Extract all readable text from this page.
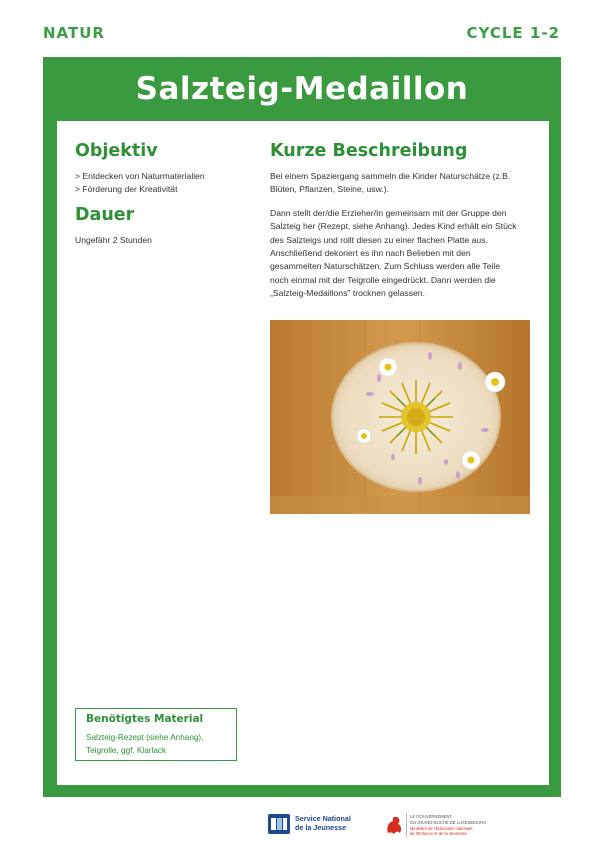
NATUR	CYCLE 1-2
Salzteig-Medaillon
Objektiv
> Entdecken von Naturmaterialien
> Förderung der Kreativität
Dauer
Ungefähr 2 Stunden
Kurze Beschreibung

Bei einem Spaziergang sammeln die Kinder Naturschätze (z.B. Blüten, Pflanzen, Steine, usw.).

Dann stellt der/die Erzieher/In gemeinsam mit der Gruppe den Salzteig her (Rezept, siehe Anhang). Jedes Kind erhält ein Stück des Salzteigs und rollt diesen zu einer flachen Platte aus. Anschließend dekoriert es ihn nach Belieben mit den gesammelten Naturschätzen. Zum Schluss werden alle Teile noch einmal mit der Teigrolle eingedrückt. Dann werden die „Salzteig-Medaillons" trocknen gelassen.

Benötigtes Material
Salzteig-Rezept (siehe Anhang),
Teigrolle, ggf. Klarlack
Service National
de la Jeunesse
LE GOUVERNEMENT
DU GRAND-DUCHÉ DE LUXEMBOURG
Ministère de l'Éducation nationale,
de l'Enfance et de la Jeunesse
